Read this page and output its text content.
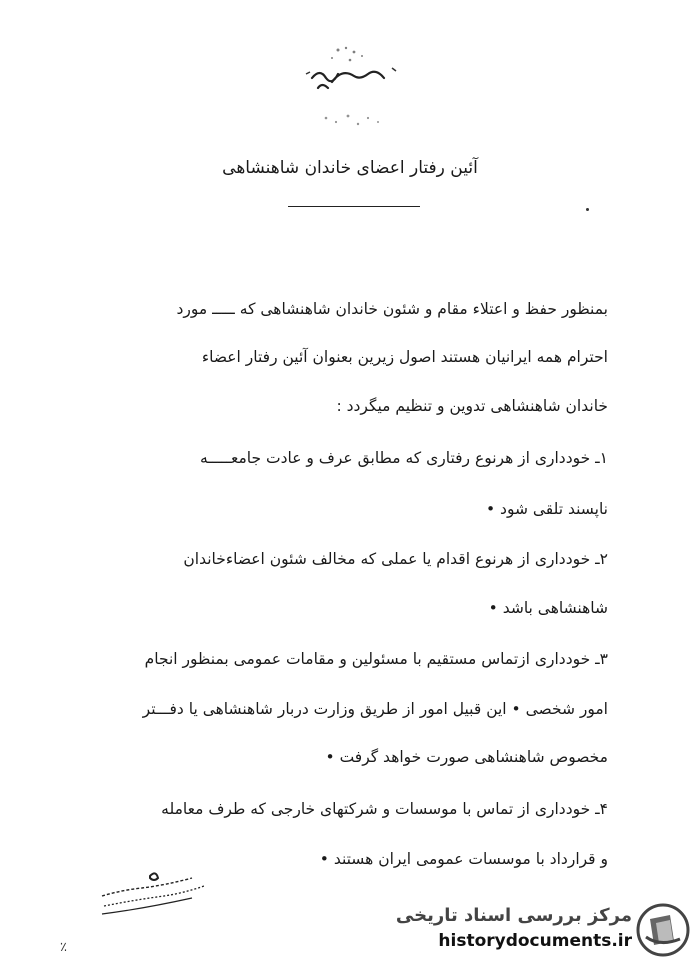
آئین رفتار اعضای خاندان شاهنشاهی
بمنظور حفظ و اعتلاء مقام و شئون خاندان شاهنشاهی که ـــــ مورد
احترام همه ایرانیان هستند اصول زیرین بعنوان آئین رفتار اعضاء
خاندان شاهنشاهی تدوین و تنظیم میگردد :
۱ـ خودداری از هرنوع رفتاری که مطابق عرف و عادت جامعـــــه
ناپسند تلقی شود •
۲ـ خودداری از هرنوع اقدام یا عملی که مخالف شئون اعضاءخاندان
شاهنشاهی باشد •
۳ـ خودداری ازتماس مستقیم با مسئولین و مقامات عمومی بمنظور انجام
امور شخصی • این قبیل امور از طریق وزارت دربار شاهنشاهی یا دفـــتر
مخصوص شاهنشاهی صورت خواهد گرفت •
۴ـ خودداری از تماس با موسسات و شرکتهای خارجی که طرف معامله
و قرارداد با موسسات عمومی ایران هستند •
٪
مرکز بررسی اسناد تاریخی
historydocuments.ir
